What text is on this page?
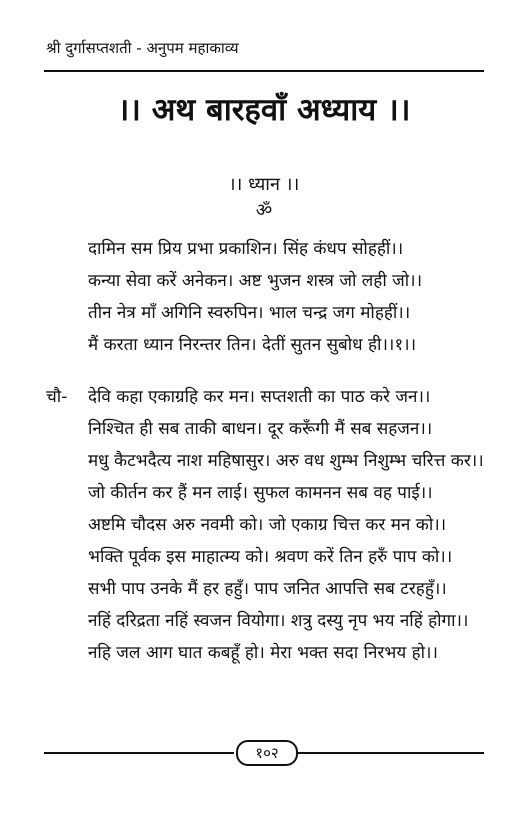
श्री दुर्गासप्तशती - अनुपम महाकाव्य
।। अथ बारहवाँ अध्याय ।।
।। ध्यान ।।
ॐ
दामिन सम प्रिय प्रभा प्रकाशिन। सिंह कंधप सोहहीं।।
कन्या सेवा करें अनेकन। अष्ट भुजन शस्त्र जो लही जो।।
तीन नेत्र माँ अगिनि स्वरुपिन। भाल चन्द्र जग मोहहीं।।
मैं करता ध्यान निरन्तर तिन। देतीं सुतन सुबोध ही।।१।।
चौ- देवि कहा एकाग्रहि कर मन। सप्तशती का पाठ करे जन।।
निश्चित ही सब ताकी बाधन। दूर करूँगी मैं सब सहजन।।
मधु कैटभदैत्य नाश महिषासुर। अरु वध शुम्भ निशुम्भ चरित्त कर।।
जो कीर्तन कर हैं मन लाई। सुफल कामनन सब वह पाई।।
अष्टमि चौदस अरु नवमी को। जो एकाग्र चित्त कर मन को।।
भक्ति पूर्वक इस माहात्म्य को। श्रवण करें तिन हरुँ पाप को।।
सभी पाप उनके मैं हर हहुँ। पाप जनित आपत्ति सब टरहहुँ।।
नहिं दरिद्रता नहिं स्वजन वियोगा। शत्रु दस्यु नृप भय नहिं होगा।।
नहि जल आग घात कबहूँ हो। मेरा भक्त सदा निरभय हो।।
१०२
